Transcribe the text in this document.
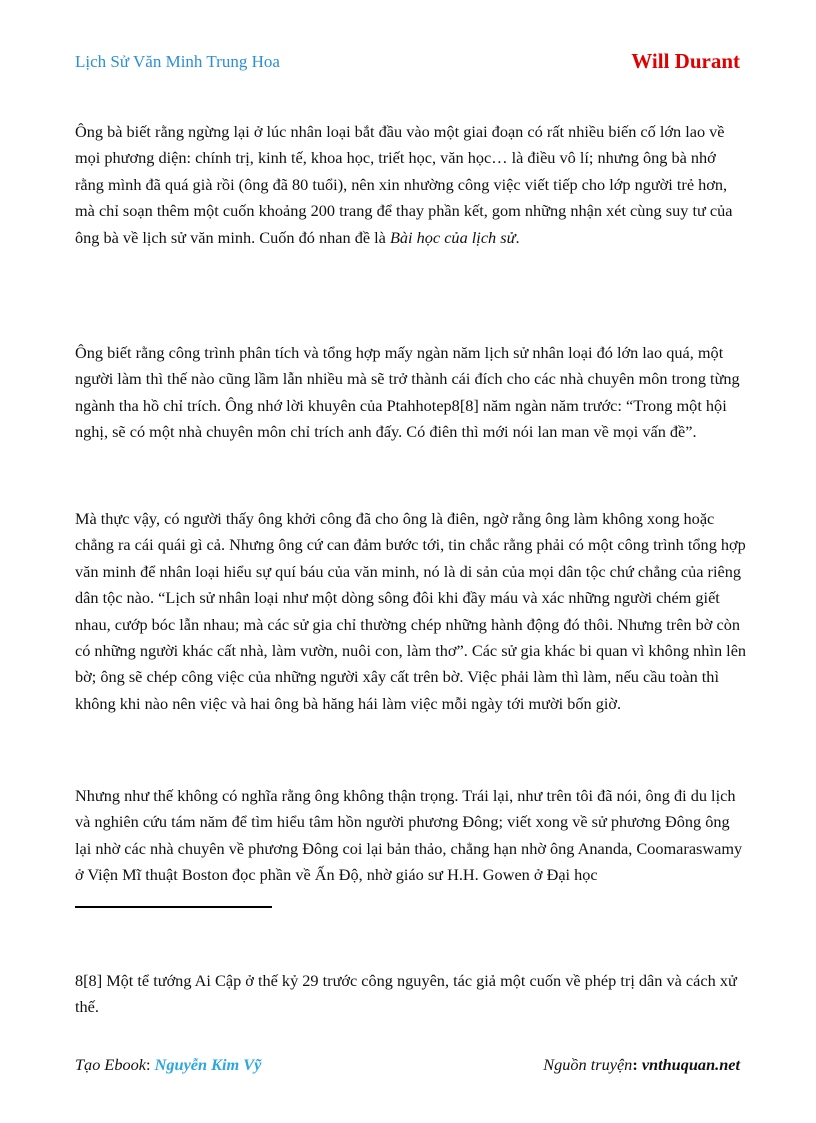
Lịch Sử Văn Minh Trung Hoa	Will Durant

Ông bà biết rằng ngừng lại ở lúc nhân loại bắt đầu vào một giai đoạn có rất nhiều biến cố lớn lao về mọi phương diện: chính trị, kinh tế, khoa học, triết học, văn học… là điều vô lí; nhưng ông bà nhớ rằng mình đã quá già rồi (ông đã 80 tuổi), nên xin nhường công việc viết tiếp cho lớp người trẻ hơn, mà chỉ soạn thêm một cuốn khoảng 200 trang để thay phần kết, gom những nhận xét cùng suy tư của ông bà về lịch sử văn minh. Cuốn đó nhan đề là Bài học của lịch sử.

Ông biết rằng công trình phân tích và tổng hợp mấy ngàn năm lịch sử nhân loại đó lớn lao quá, một người làm thì thế nào cũng lầm lẫn nhiều mà sẽ trở thành cái đích cho các nhà chuyên môn trong từng ngành tha hồ chỉ trích. Ông nhớ lời khuyên của Ptahhotep8[8] năm ngàn năm trước: “Trong một hội nghị, sẽ có một nhà chuyên môn chỉ trích anh đấy. Có điên thì mới nói lan man về mọi vấn đề”.

Mà thực vậy, có người thấy ông khởi công đã cho ông là điên, ngờ rằng ông làm không xong hoặc chẳng ra cái quái gì cả. Nhưng ông cứ can đảm bước tới, tin chắc rằng phải có một công trình tổng hợp văn minh để nhân loại hiểu sự quí báu của văn minh, nó là di sản của mọi dân tộc chứ chẳng của riêng dân tộc nào. “Lịch sử nhân loại như một dòng sông đôi khi đầy máu và xác những người chém giết nhau, cướp bóc lẫn nhau; mà các sử gia chỉ thường chép những hành động đó thôi. Nhưng trên bờ còn có những người khác cất nhà, làm vườn, nuôi con, làm thơ”. Các sử gia khác bi quan vì không nhìn lên bờ; ông sẽ chép công việc của những người xây cất trên bờ. Việc phải làm thì làm, nếu cầu toàn thì không khi nào nên việc và hai ông bà hăng hái làm việc mỗi ngày tới mười bốn giờ.

Nhưng như thế không có nghĩa rằng ông không thận trọng. Trái lại, như trên tôi đã nói, ông đi du lịch và nghiên cứu tám năm để tìm hiểu tâm hồn người phương Đông; viết xong về sử phương Đông ông lại nhờ các nhà chuyên về phương Đông coi lại bản thảo, chẳng hạn nhờ ông Ananda, Coomaraswamy ở Viện Mĩ thuật Boston đọc phần về Ấn Độ, nhờ giáo sư H.H. Gowen ở Đại học

8[8] Một tể tướng Ai Cập ở thế kỷ 29 trước công nguyên, tác giả một cuốn về phép trị dân và cách xử thế.

Tạo Ebook: Nguyễn Kim Vỹ	Nguồn truyện: vnthuquan.net
